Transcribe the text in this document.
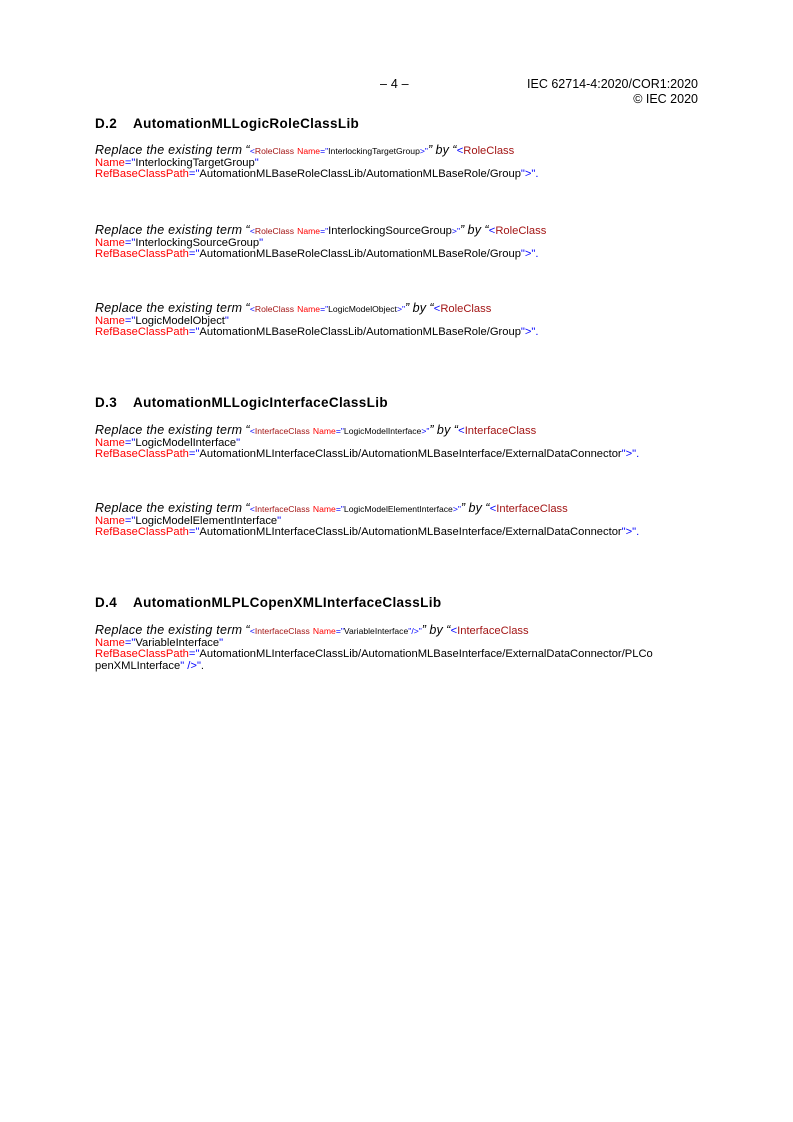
– 4 –	IEC 62714-4:2020/COR1:2020
© IEC 2020
D.2 AutomationMLLogicRoleClassLib
Replace the existing term “<RoleClass Name="InterlockingTargetGroup>"” by “<RoleClass
Name="InterlockingTargetGroup"
RefBaseClassPath="AutomationMLBaseRoleClassLib/AutomationMLBaseRole/Group">".
Replace the existing term “<RoleClass Name="InterlockingSourceGroup>"” by “<RoleClass
Name="InterlockingSourceGroup"
RefBaseClassPath="AutomationMLBaseRoleClassLib/AutomationMLBaseRole/Group">".
Replace the existing term “<RoleClass Name="LogicModelObject>"” by “<RoleClass
Name="LogicModelObject"
RefBaseClassPath="AutomationMLBaseRoleClassLib/AutomationMLBaseRole/Group">".
D.3 AutomationMLLogicInterfaceClassLib
Replace the existing term “<InterfaceClass Name="LogicModelInterface>"” by “<InterfaceClass
Name="LogicModelInterface"
RefBaseClassPath="AutomationMLInterfaceClassLib/AutomationMLBaseInterface/ExternalDataConnector">".
Replace the existing term “<InterfaceClass Name="LogicModelElementInterface>"” by “<InterfaceClass
Name="LogicModelElementInterface"
RefBaseClassPath="AutomationMLInterfaceClassLib/AutomationMLBaseInterface/ExternalDataConnector">".
D.4 AutomationMLPLCopenXMLInterfaceClassLib
Replace the existing term “<InterfaceClass Name="VariableInterface"/>"” by “<InterfaceClass
Name="VariableInterface"
RefBaseClassPath="AutomationMLInterfaceClassLib/AutomationMLBaseInterface/ExternalDataConnector/PLCo
penXMLInterface" />".
